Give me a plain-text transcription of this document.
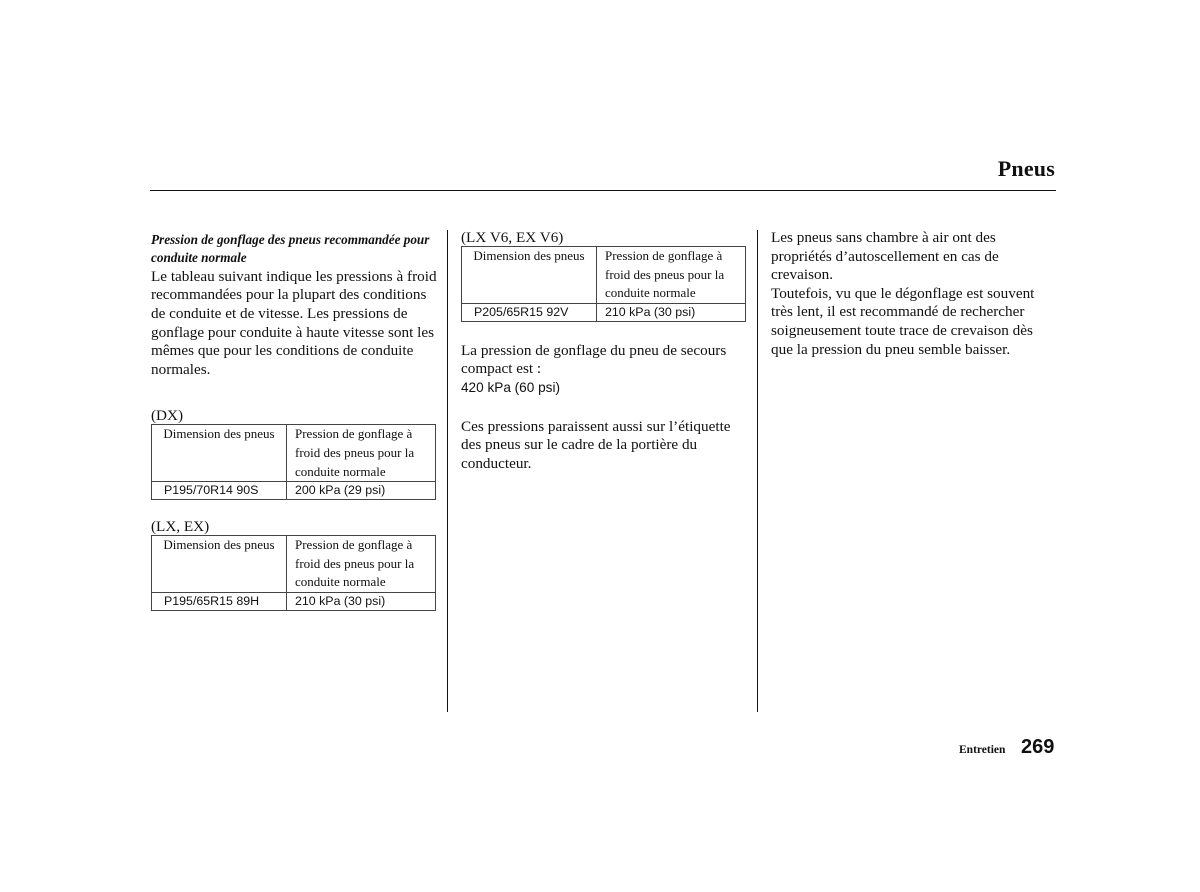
Pneus
Pression de gonflage des pneus recommandée pour conduite normale

Le tableau suivant indique les pressions à froid recommandées pour la plupart des conditions de conduite et de vitesse. Les pressions de gonflage pour conduite à haute vitesse sont les mêmes que pour les conditions de conduite normales.

(DX)

Dimension des pneus	Pression de gonflage à froid des pneus pour la conduite normale
P195/70R14 90S	200 kPa (29 psi)

(LX, EX)

Dimension des pneus	Pression de gonflage à froid des pneus pour la conduite normale
P195/65R15 89H	210 kPa (30 psi)

(LX V6, EX V6)

Dimension des pneus	Pression de gonflage à froid des pneus pour la conduite normale
P205/65R15 92V	210 kPa (30 psi)

La pression de gonflage du pneu de secours compact est :

420 kPa (60 psi)

Ces pressions paraissent aussi sur l’étiquette des pneus sur le cadre de la portière du conducteur.

Les pneus sans chambre à air ont des propriétés d’autoscellement en cas de crevaison.

Toutefois, vu que le dégonflage est souvent très lent, il est recommandé de rechercher soigneusement toute trace de crevaison dès que la pression du pneu semble baisser.

Entretien 269
